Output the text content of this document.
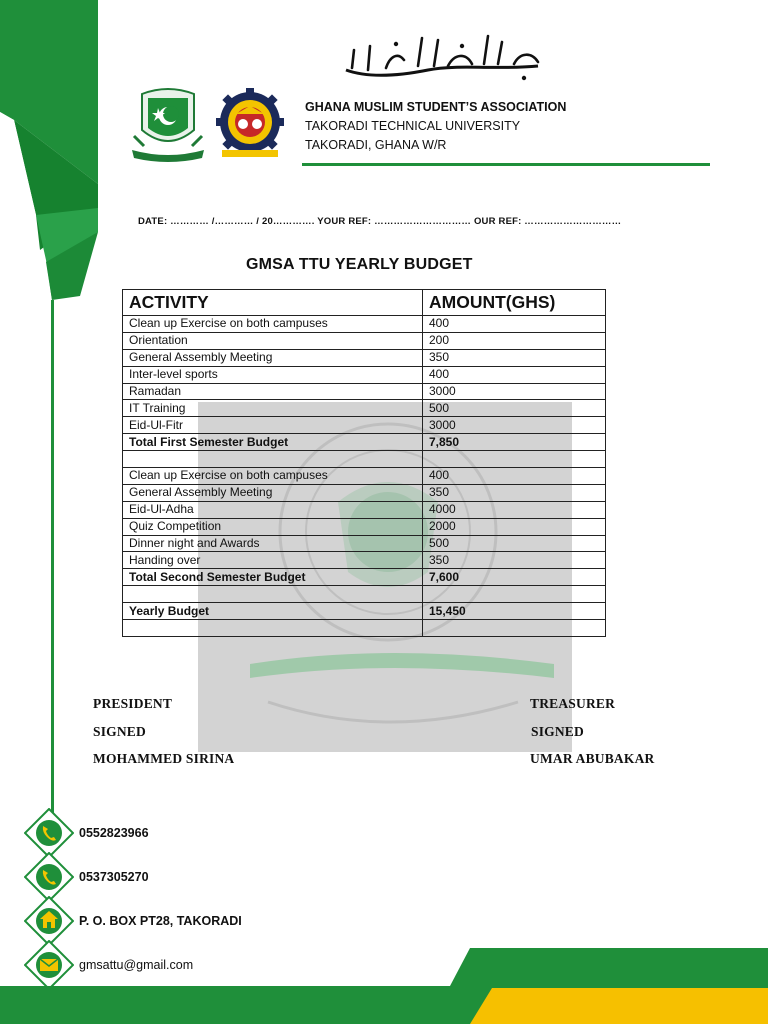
GHANA MUSLIM STUDENT’S ASSOCIATION
TAKORADI TECHNICAL UNIVERSITY
TAKORADI, GHANA W/R
DATE: ………… /………… / 20…………. YOUR REF: ………………………… OUR REF: …………………………
GMSA TTU YEARLY BUDGET
ACTIVITY	AMOUNT(GHS)
Clean up Exercise on both campuses	400
Orientation	200
General Assembly Meeting	350
Inter-level sports	400
Ramadan	3000
IT Training	500
Eid-Ul-Fitr	3000
Total First Semester Budget	7,850

Clean up Exercise on both campuses	400
General Assembly Meeting	350
Eid-Ul-Adha	4000
Quiz Competition	2000
Dinner night and Awards	500
Handing over	350
Total Second Semester Budget	7,600

Yearly Budget	15,450

PRESIDENT
SIGNED
MOHAMMED SIRINA
TREASURER
SIGNED
UMAR ABUBAKAR
0552823966
0537305270
P. O. BOX PT28, TAKORADI
gmsattu@gmail.com
